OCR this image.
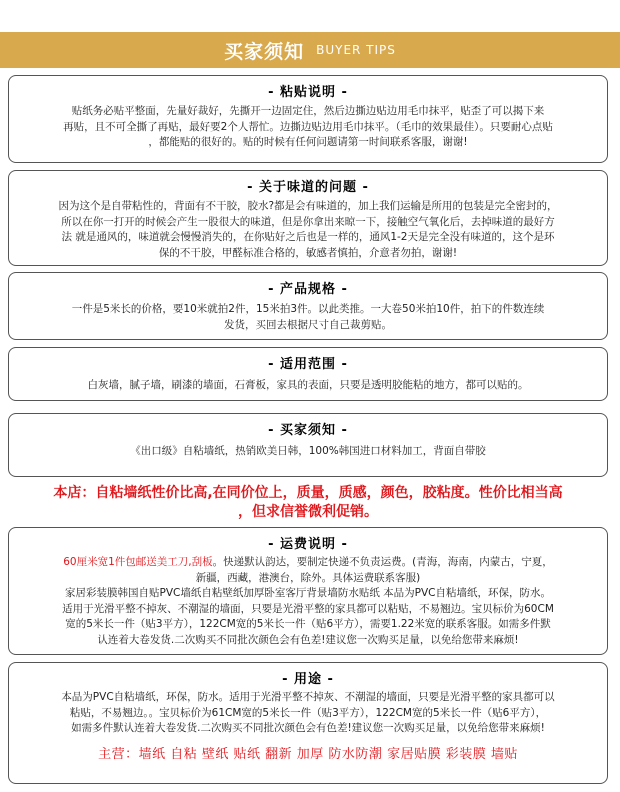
买家须知 BUYER TIPS
- 粘贴说明 -
贴纸务必贴平整面，先量好裁好，先撕开一边固定住，然后边撕边贴边用毛巾抹平，贴歪了可以揭下来
再贴，且不可全撕了再贴，最好要2个人帮忙。边撕边贴边用毛巾抹平。（毛巾的效果最佳）。只要耐心点贴
，都能贴的很好的。贴的时候有任何问题请第一时间联系客服，谢谢!
- 关于味道的问题 -
因为这个是自带粘性的，背面有不干胶，胶水?都是会有味道的，加上我们运输是所用的包装是完全密封的，
所以在你一打开的时候会产生一股很大的味道，但是你拿出来晾一下，接触空气氧化后，去掉味道的最好方
法 就是通风的，味道就会慢慢消失的，在你贴好之后也是一样的，通风1-2天是完全没有味道的，这个是环
保的不干胶，甲醛标准合格的，敏感者慎拍，介意者勿拍，谢谢!
- 产品规格 -
一件是5米长的价格，要10米就拍2件，15米拍3件。以此类推。一大卷50米拍10件，拍下的件数连续
发货，买回去根据尺寸自己裁剪贴。
- 适用范围 -
白灰墙，腻子墙，刷漆的墙面，石膏板，家具的表面，只要是透明胶能粘的地方，都可以贴的。
- 买家须知 -
《出口级》自粘墙纸，热销欧美日韩，100%韩国进口材料加工，背面自带胶
本店：自粘墙纸性价比高,在同价位上，质量，质感，颜色，胶粘度。性价比相当高
，但求信誉微利促销。
- 运费说明 -
60厘米宽1件包邮送美工刀,刮板。快递默认韵达，要制定快递不负责运费。(青海，海南，内蒙古，宁夏，
新疆，西藏，港澳台，除外。具体运费联系客服)
家居彩装膜韩国自贴PVC墙纸自粘壁纸加厚卧室客厅背景墙防水贴纸 本品为PVC自粘墙纸，环保，防水。
适用于光滑平整不掉灰、不潮湿的墙面，只要是光滑平整的家具都可以粘贴，不易翘边。宝贝标价为60CM
宽的5米长一件（贴3平方），122CM宽的5米长一件（贴6平方），需要1.22米宽的联系客服。如需多件默
认连着大卷发货.二次购买不同批次颜色会有色差!建议您一次购买足量，以免给您带来麻烦!
- 用途 -
本品为PVC自粘墙纸，环保，防水。适用于光滑平整不掉灰、不潮湿的墙面，只要是光滑平整的家具都可以
粘贴，不易翘边。。宝贝标价为61CM宽的5米长一件（贴3平方），122CM宽的5米长一件（贴6平方），
如需多件默认连着大卷发货.二次购买不同批次颜色会有色差!建议您一次购买足量，以免给您带来麻烦!
主营：墙纸 自粘 壁纸 贴纸 翻新 加厚 防水防潮 家居贴膜 彩装膜 墙贴
